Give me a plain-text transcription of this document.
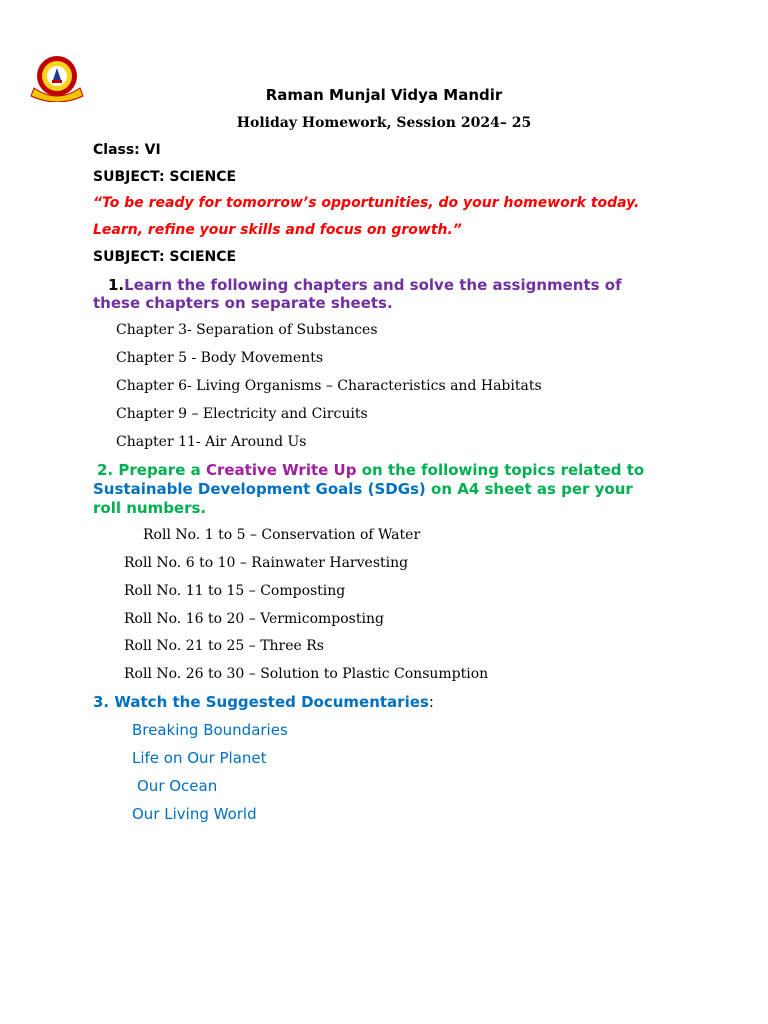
Raman Munjal Vidya Mandir
Holiday Homework, Session 2024– 25
Class: VI
SUBJECT: SCIENCE
“To be ready for tomorrow’s opportunities, do your homework today.
Learn, refine your skills and focus on growth.”
SUBJECT: SCIENCE
1.Learn the following chapters and solve the assignments of
these chapters on separate sheets.
Chapter 3- Separation of Substances
Chapter 5 - Body Movements
Chapter 6- Living Organisms – Characteristics and Habitats
Chapter 9 – Electricity and Circuits
Chapter 11- Air Around Us
2. Prepare a Creative Write Up on the following topics related to
Sustainable Development Goals (SDGs) on A4 sheet as per your
roll numbers.
Roll No. 1 to 5 – Conservation of Water
Roll No. 6 to 10 – Rainwater Harvesting
Roll No. 11 to 15 – Composting
Roll No. 16 to 20 – Vermicomposting
Roll No. 21 to 25 – Three Rs
Roll No. 26 to 30 – Solution to Plastic Consumption
3. Watch the Suggested Documentaries:
Breaking Boundaries
Life on Our Planet
Our Ocean
Our Living World
